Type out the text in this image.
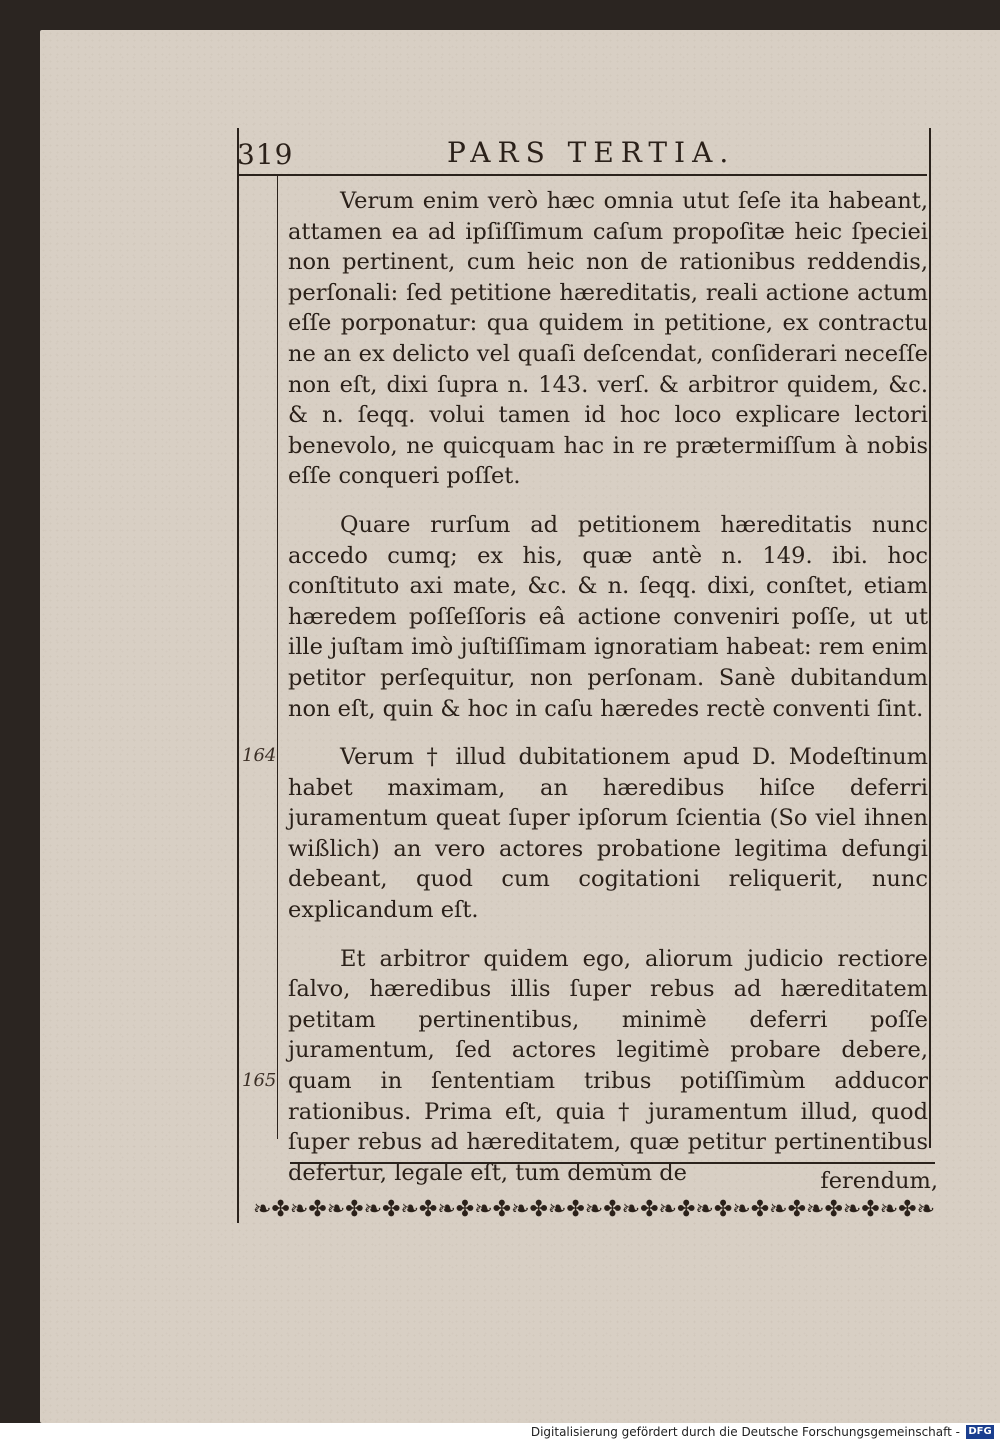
319	PARS TERTIA.
164
165

Verum enim verò hæc omnia utut ſeſe ita habeant, attamen ea ad ipſiſſimum caſum propoſitæ heic ſpeciei non pertinent, cum heic non de rationibus reddendis, perſonali: ſed petitione hæreditatis, reali actione actum eſſe porponatur: qua quidem in petitione, ex contractu ne an ex delicto vel quaſi deſcendat, conſiderari neceſſe non eſt, dixi ſupra n. 143. verſ. & arbitror quidem, &c. & n. ſeqq. volui tamen id hoc loco explicare lectori benevolo, ne quicquam hac in re prætermiſſum à nobis eſſe conqueri poſſet.

Quare rurſum ad petitionem hæreditatis nunc accedo cumq; ex his, quæ antè n. 149. ibi. hoc conſtituto axi mate, &c. & n. ſeqq. dixi, conſtet, etiam hæredem poſſeſſoris eâ actione conveniri poſſe, ut ut ille juſtam imò juſtiſſimam ignoratiam habeat: rem enim petitor perſequitur, non perſonam. Sanè dubitandum non eſt, quin & hoc in caſu hæredes rectè conventi ſint.

Verum † illud dubitationem apud D. Modeſtinum habet maximam, an hæredibus hiſce deferri juramentum queat ſuper ipſorum ſcientia (So viel ihnen wißlich) an vero actores probatione legitima defungi debeant, quod cum cogitationi reliquerit, nunc explicandum eſt.

Et arbitror quidem ego, aliorum judicio rectiore ſalvo, hæredibus illis ſuper rebus ad hæreditatem petitam pertinentibus, minimè deferri poſſe juramentum, ſed actores legitimè probare debere, quam in ſententiam tribus potiſſimùm adducor rationibus. Prima eſt, quia † juramentum illud, quod ſuper rebus ad hæreditatem, quæ petitur pertinentibus defertur, legale eſt, tum demùm de	ferendum,
❧✤❧✤❧✤❧✤❧✤❧✤❧✤❧✤❧✤❧✤❧✤❧✤❧✤❧✤❧✤❧✤❧✤❧✤❧
Digitalisierung gefördert durch die Deutsche Forschungsgemeinschaft - DFG
